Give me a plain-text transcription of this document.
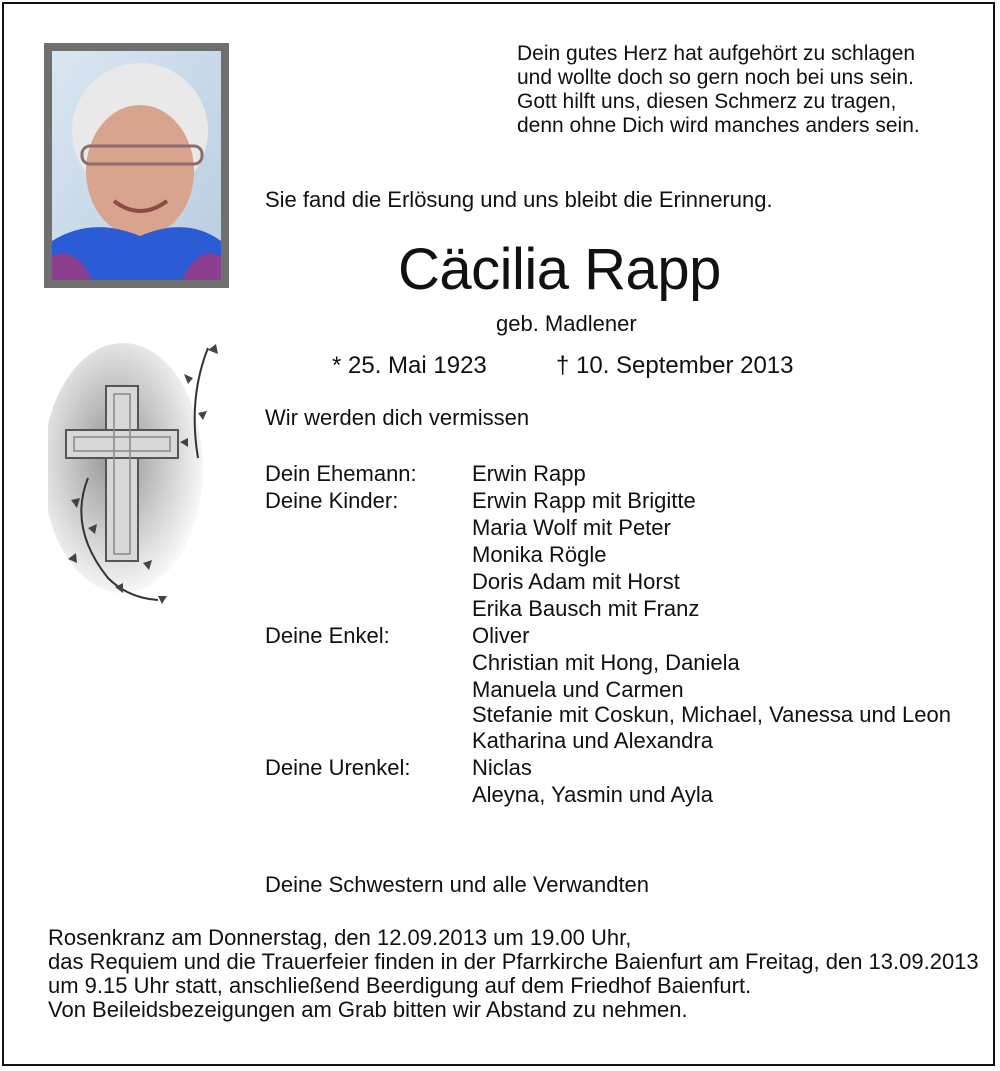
Dein gutes Herz hat aufgehört zu schlagen
und wollte doch so gern noch bei uns sein.
Gott hilft uns, diesen Schmerz zu tragen,
denn ohne Dich wird manches anders sein.
Sie fand die Erlösung und uns bleibt die Erinnerung.
Cäcilia Rapp
geb. Madlener
* 25. Mai 1923	† 10. September 2013
Wir werden dich vermissen
Dein Ehemann:	Erwin Rapp
Deine Kinder:	Erwin Rapp mit Brigitte
Maria Wolf mit Peter
Monika Rögle
Doris Adam mit Horst
Erika Bausch mit Franz
Deine Enkel:	Oliver
Christian mit Hong, Daniela
Manuela und Carmen
Stefanie mit Coskun, Michael, Vanessa und Leon
Katharina und Alexandra
Deine Urenkel:	Niclas
Aleyna, Yasmin und Ayla
Deine Schwestern und alle Verwandten
Rosenkranz am Donnerstag, den 12.09.2013 um 19.00 Uhr,
das Requiem und die Trauerfeier finden in der Pfarrkirche Baienfurt am Freitag, den 13.09.2013 um 9.15 Uhr statt, anschließend Beerdigung auf dem Friedhof Baienfurt.
Von Beileidsbezeigungen am Grab bitten wir Abstand zu nehmen.
